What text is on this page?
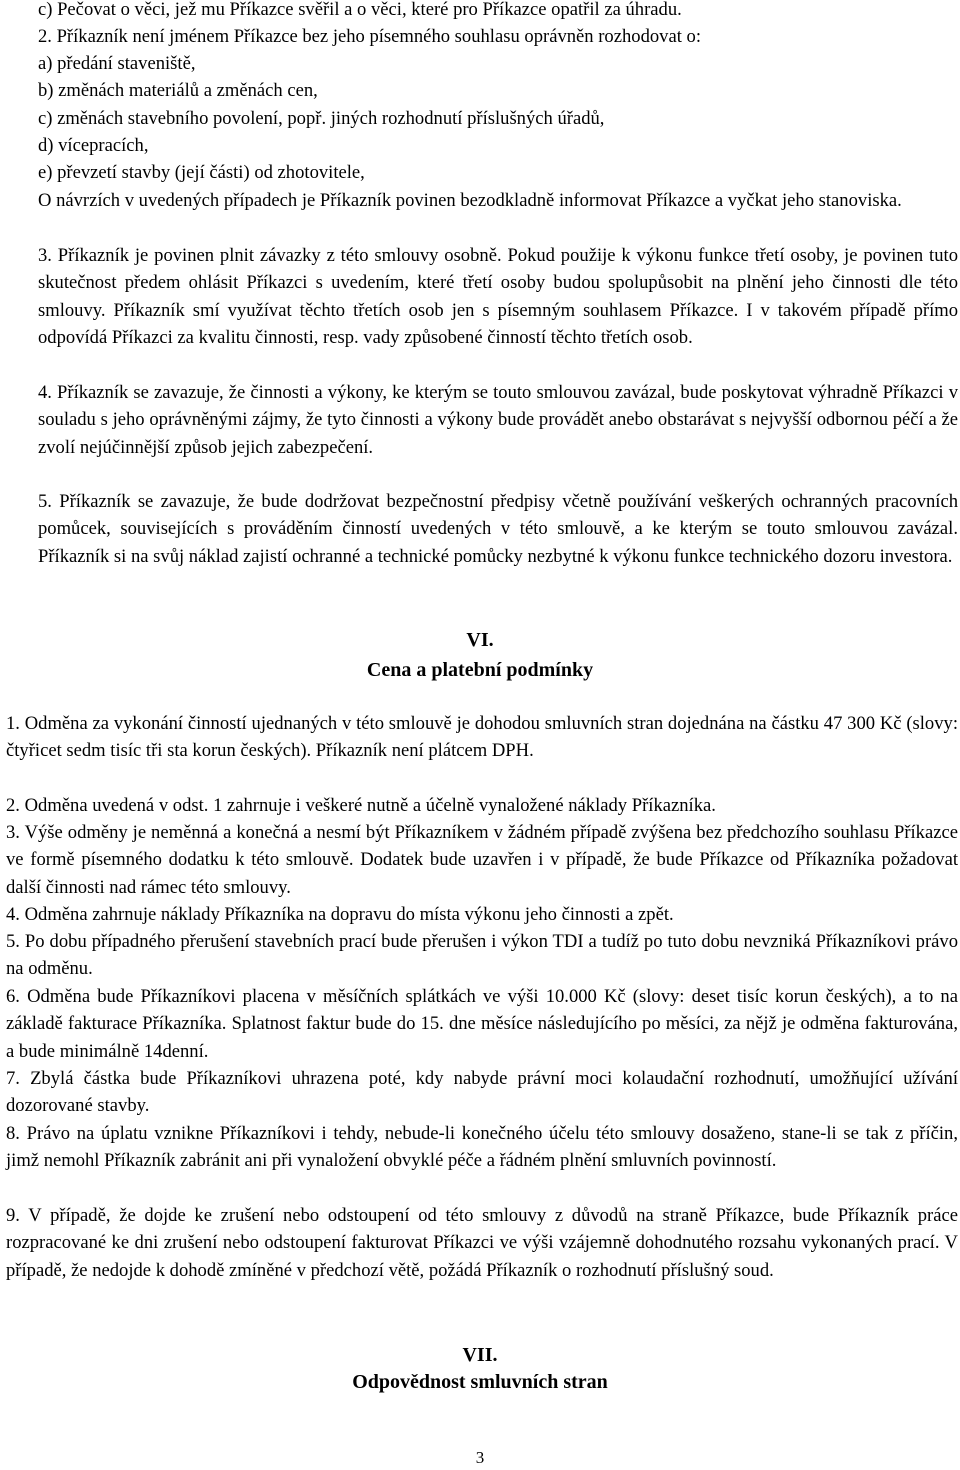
c) Pečovat o věci, jež mu Příkazce svěřil a o věci, které pro Příkazce opatřil za úhradu.

2. Příkazník není jménem Příkazce bez jeho písemného souhlasu oprávněn rozhodovat o:

a) předání staveniště,
b) změnách materiálů a změnách cen,
c) změnách stavebního povolení, popř. jiných rozhodnutí příslušných úřadů,
d) vícepracích,
e) převzetí stavby (její části) od zhotovitele,

O návrzích v uvedených případech je Příkazník povinen bezodkladně informovat Příkazce a vyčkat jeho stanoviska.

3. Příkazník je povinen plnit závazky z této smlouvy osobně. Pokud použije k výkonu funkce třetí osoby, je povinen tuto skutečnost předem ohlásit Příkazci s uvedením, které třetí osoby budou spolupůsobit na plnění jeho činnosti dle této smlouvy. Příkazník smí využívat těchto třetích osob jen s písemným souhlasem Příkazce. I v takovém případě přímo odpovídá Příkazci za kvalitu činnosti, resp. vady způsobené činností těchto třetích osob.

4. Příkazník se zavazuje, že činnosti a výkony, ke kterým se touto smlouvou zavázal, bude poskytovat výhradně Příkazci v souladu s jeho oprávněnými zájmy, že tyto činnosti a výkony bude provádět anebo obstarávat s nejvyšší odbornou péčí a že zvolí nejúčinnější způsob jejich zabezpečení.

5. Příkazník se zavazuje, že bude dodržovat bezpečnostní předpisy včetně používání veškerých ochranných pracovních pomůcek, souvisejících s prováděním činností uvedených v této smlouvě, a ke kterým se touto smlouvou zavázal. Příkazník si na svůj náklad zajistí ochranné a technické pomůcky nezbytné k výkonu funkce technického dozoru investora.

VI.
Cena a platební podmínky

1. Odměna za vykonání činností ujednaných v této smlouvě je dohodou smluvních stran dojednána na částku 47 300 Kč (slovy: čtyřicet sedm tisíc tři sta korun českých). Příkazník není plátcem DPH.

2. Odměna uvedená v odst. 1 zahrnuje i veškeré nutně a účelně vynaložené náklady Příkazníka.

3. Výše odměny je neměnná a konečná a nesmí být Příkazníkem v žádném případě zvýšena bez předchozího souhlasu Příkazce ve formě písemného dodatku k této smlouvě. Dodatek bude uzavřen i v případě, že bude Příkazce od Příkazníka požadovat další činnosti nad rámec této smlouvy.

4. Odměna zahrnuje náklady Příkazníka na dopravu do místa výkonu jeho činnosti a zpět.

5. Po dobu případného přerušení stavebních prací bude přerušen i výkon TDI a tudíž po tuto dobu nevzniká Příkazníkovi právo na odměnu.

6. Odměna bude Příkazníkovi placena v měsíčních splátkách ve výši 10.000 Kč (slovy: deset tisíc korun českých), a to na základě fakturace Příkazníka. Splatnost faktur bude do 15. dne měsíce následujícího po měsíci, za nějž je odměna fakturována, a bude minimálně 14denní.

7. Zbylá částka bude Příkazníkovi uhrazena poté, kdy nabyde právní moci kolaudační rozhodnutí, umožňující užívání dozorované stavby.

8. Právo na úplatu vznikne Příkazníkovi i tehdy, nebude-li konečného účelu této smlouvy dosaženo, stane-li se tak z příčin, jimž nemohl Příkazník zabránit ani při vynaložení obvyklé péče a řádném plnění smluvních povinností.

9. V případě, že dojde ke zrušení nebo odstoupení od této smlouvy z důvodů na straně Příkazce, bude Příkazník práce rozpracované ke dni zrušení nebo odstoupení fakturovat Příkazci ve výši vzájemně dohodnutého rozsahu vykonaných prací. V případě, že nedojde k dohodě zmíněné v předchozí větě, požádá Příkazník o rozhodnutí příslušný soud.

VII.
Odpovědnost smluvních stran

3
